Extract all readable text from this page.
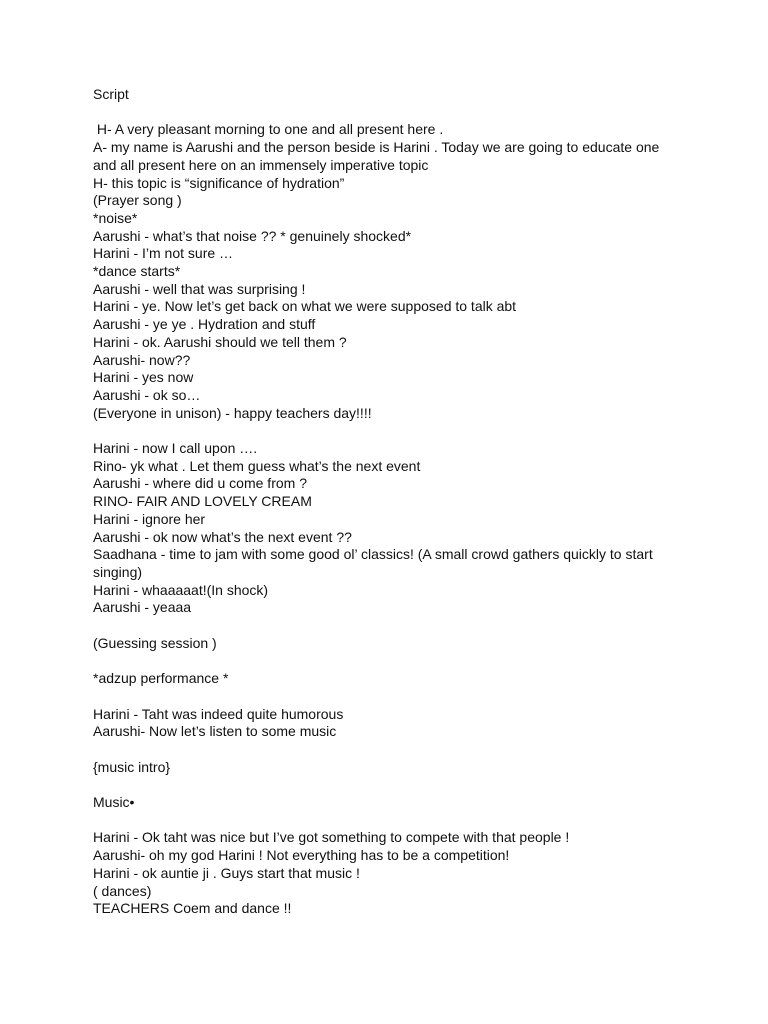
Script
H- A very pleasant morning to one and all present here .
A- my name is Aarushi and the person beside is Harini . Today we are going to educate one and all present here on an immensely imperative topic
H- this topic is “significance of hydration”
(Prayer song )
*noise*
Aarushi - what’s that noise ?? * genuinely shocked*
Harini - I’m not sure …
*dance starts*
Aarushi - well that was surprising !
Harini - ye. Now let’s get back on what we were supposed to talk abt
Aarushi - ye ye . Hydration and stuff
Harini - ok. Aarushi should we tell them ?
Aarushi- now??
Harini - yes now
Aarushi - ok so…
(Everyone in unison) - happy teachers day!!!!
Harini - now I call upon ….
Rino- yk what . Let them guess what’s the next event
Aarushi - where did u come from ?
RINO- FAIR AND LOVELY CREAM
Harini - ignore her
Aarushi - ok now what’s the next event ??
Saadhana - time to jam with some good ol’ classics! (A small crowd gathers quickly to start singing)
Harini - whaaaaat!(In shock)
Aarushi - yeaaa
(Guessing session )
*adzup performance *
Harini - Taht was indeed quite humorous
Aarushi- Now let’s listen to some music
{music intro}
Music•
Harini - Ok taht was nice but I’ve got something to compete with that people !
Aarushi- oh my god Harini ! Not everything has to be a competition!
Harini - ok auntie ji . Guys start that music !
( dances)
TEACHERS Coem and dance !!
